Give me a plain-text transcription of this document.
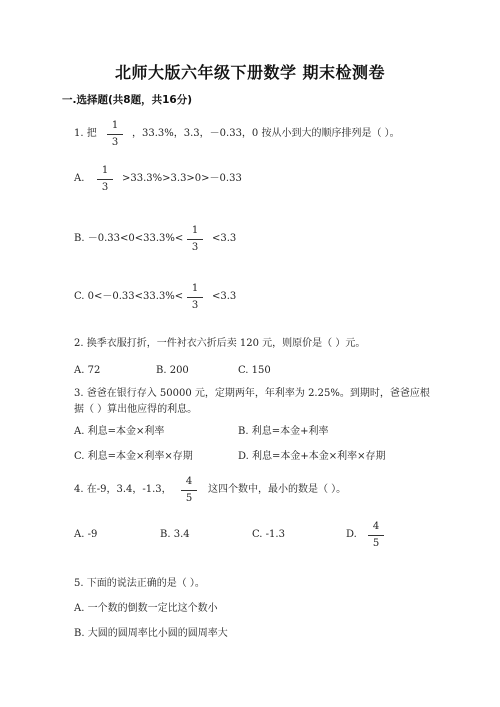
北师大版六年级下册数学 期末检测卷
一.选择题(共8题，共16分)
1. 把 $\frac{1}{3}$ ，33.3%，3.3，－0.33，0 按从小到大的顺序排列是（ ）。
A. $\frac{1}{3} >33.3\%>3.3>0>-0.33$
B. $-0.33<0<33.3\%< \frac{1}{3} <3.3$
C. $0<-0.33<33.3\%< \frac{1}{3} <3.3$
2. 换季衣服打折，一件衬衣六折后卖 120 元，则原价是（ ）元。
A. 72	B. 200	C. 150
3. 爸爸在银行存入 50000 元，定期两年，年利率为 2.25%。到期时，爸爸应根
据（ ）算出他应得的利息。
A. 利息=本金×利率	B. 利息=本金+利率
C. 利息=本金×利率×存期	D. 利息=本金+本金×利率×存期
4. 在-9，3.4，-1.3， $\frac{4}{5}$ 这四个数中，最小的数是（ ）。
A. -9	B. 3.4	C. -1.3	D. $\frac{4}{5}$
5. 下面的说法正确的是（ ）。
A. 一个数的倒数一定比这个数小
B. 大圆的圆周率比小圆的圆周率大
